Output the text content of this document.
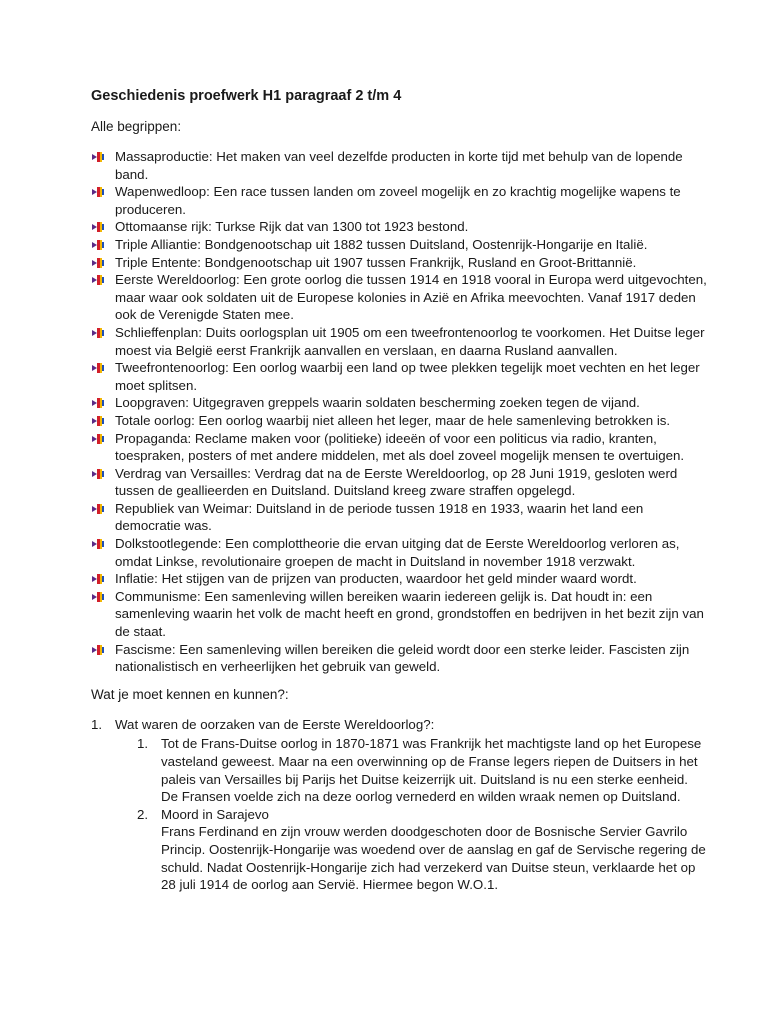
Geschiedenis proefwerk H1 paragraaf 2 t/m 4
Alle begrippen:
Massaproductie: Het maken van veel dezelfde producten in korte tijd met behulp van de lopende band.
Wapenwedloop: Een race tussen landen om zoveel mogelijk en zo krachtig mogelijke wapens te produceren.
Ottomaanse rijk: Turkse Rijk dat van 1300 tot 1923 bestond.
Triple Alliantie: Bondgenootschap uit 1882 tussen Duitsland, Oostenrijk-Hongarije en Italië.
Triple Entente: Bondgenootschap uit 1907 tussen Frankrijk, Rusland en Groot-Brittannië.
Eerste Wereldoorlog: Een grote oorlog die tussen 1914 en 1918 vooral in Europa werd uitgevochten, maar waar ook soldaten uit de Europese kolonies in Azië en Afrika meevochten. Vanaf 1917 deden ook de Verenigde Staten mee.
Schlieffenplan: Duits oorlogsplan uit 1905 om een tweefrontenoorlog te voorkomen. Het Duitse leger moest via België eerst Frankrijk aanvallen en verslaan, en daarna Rusland aanvallen.
Tweefrontenoorlog: Een oorlog waarbij een land op twee plekken tegelijk moet vechten en het leger moet splitsen.
Loopgraven: Uitgegraven greppels waarin soldaten bescherming zoeken tegen de vijand.
Totale oorlog: Een oorlog waarbij niet alleen het leger, maar de hele samenleving betrokken is.
Propaganda: Reclame maken voor (politieke) ideeën of voor een politicus via radio, kranten, toespraken, posters of met andere middelen, met als doel zoveel mogelijk mensen te overtuigen.
Verdrag van Versailles: Verdrag dat na de Eerste Wereldoorlog, op 28 Juni 1919, gesloten werd tussen de geallieerden en Duitsland. Duitsland kreeg zware straffen opgelegd.
Republiek van Weimar: Duitsland in de periode tussen 1918 en 1933, waarin het land een democratie was.
Dolkstootlegende: Een complottheorie die ervan uitging dat de Eerste Wereldoorlog verloren as, omdat Linkse, revolutionaire groepen de macht in Duitsland in november 1918 verzwakt.
Inflatie: Het stijgen van de prijzen van producten, waardoor het geld minder waard wordt.
Communisme: Een samenleving willen bereiken waarin iedereen gelijk is. Dat houdt in: een samenleving waarin het volk de macht heeft en grond, grondstoffen en bedrijven in het bezit zijn van de staat.
Fascisme: Een samenleving willen bereiken die geleid wordt door een sterke leider. Fascisten zijn nationalistisch en verheerlijken het gebruik van geweld.
Wat je moet kennen en kunnen?:
1. Wat waren de oorzaken van de Eerste Wereldoorlog?:
1. Tot de Frans-Duitse oorlog in 1870-1871 was Frankrijk het machtigste land op het Europese vasteland geweest. Maar na een overwinning op de Franse legers riepen de Duitsers in het paleis van Versailles bij Parijs het Duitse keizerrijk uit. Duitsland is nu een sterke eenheid. De Fransen voelde zich na deze oorlog vernederd en wilden wraak nemen op Duitsland.
2. Moord in Sarajevo
Frans Ferdinand en zijn vrouw werden doodgeschoten door de Bosnische Servier Gavrilo Princip. Oostenrijk-Hongarije was woedend over de aanslag en gaf de Servische regering de schuld. Nadat Oostenrijk-Hongarije zich had verzekerd van Duitse steun, verklaarde het op 28 juli 1914 de oorlog aan Servië. Hiermee begon W.O.1.
